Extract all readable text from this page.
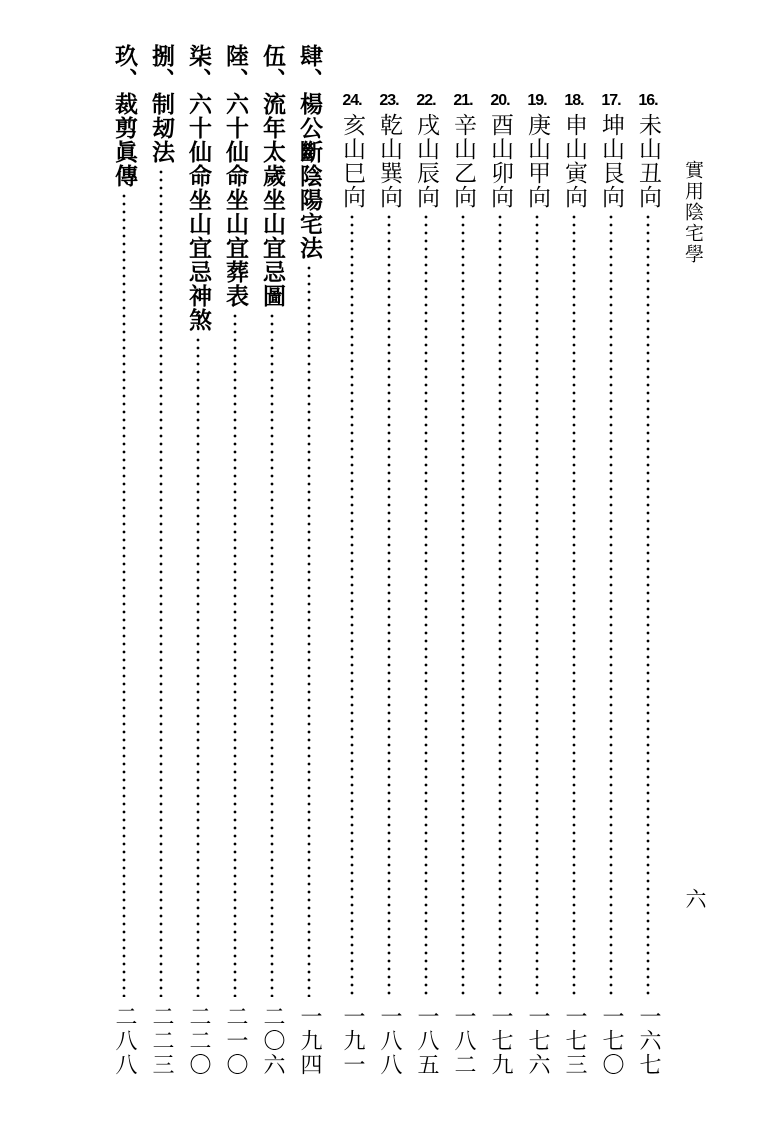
實用陰宅學
六
16.
未山丑向
一六七
17.
坤山艮向
一七〇
18.
申山寅向
一七三
19.
庚山甲向
一七六
20.
酉山卯向
一七九
21.
辛山乙向
一八二
22.
戌山辰向
一八五
23.
乾山巽向
一八八
24.
亥山巳向
一九一
肆、楊公斷陰陽宅法
一九四
伍、流年太歲坐山宜忌圖
二〇六
陸、六十仙命坐山宜葬表
二一〇
柒、六十仙命坐山宜忌神煞
二二〇
捌、制刼法
二二三
玖、裁剪眞傳
二八八
